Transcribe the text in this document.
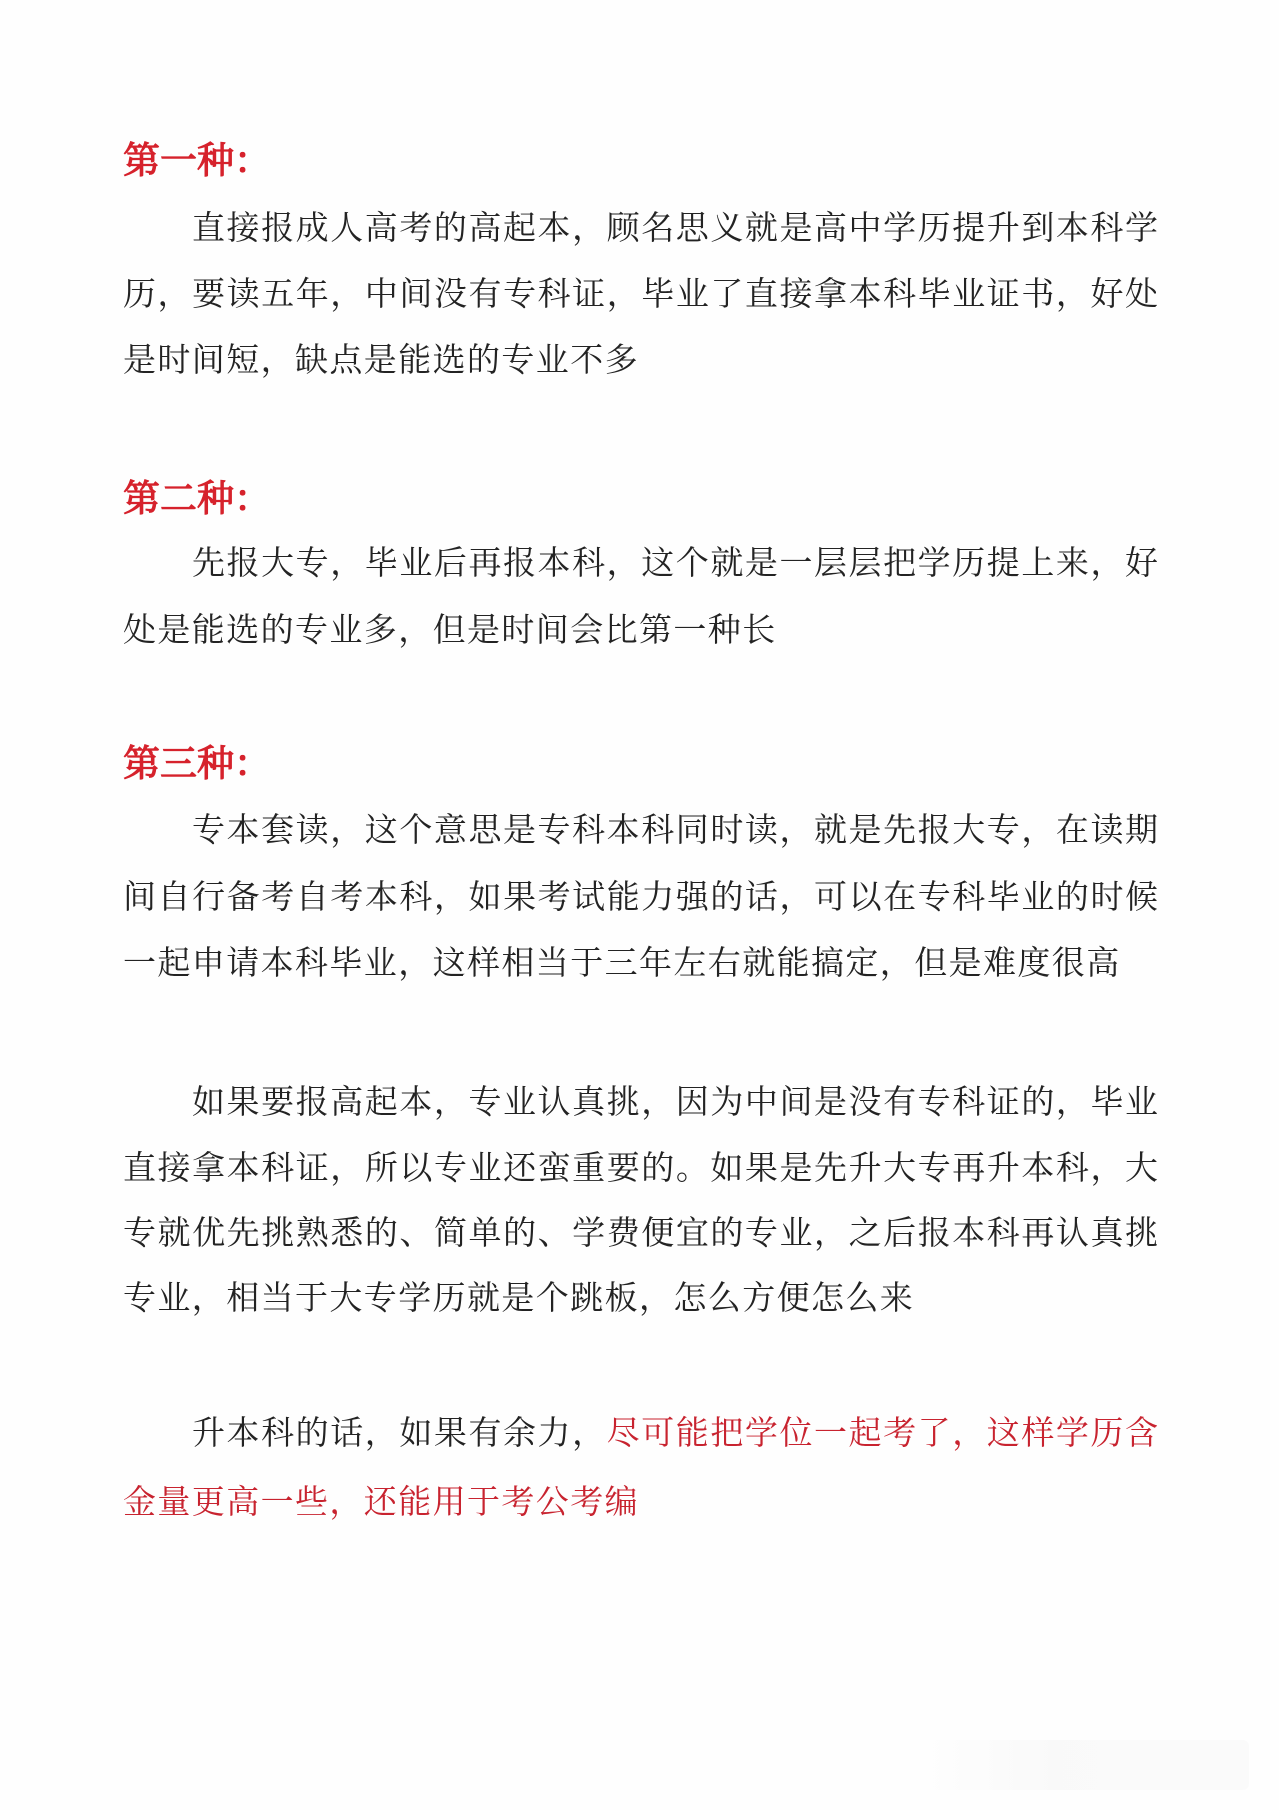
第一种：
直接报成人高考的高起本，顾名思义就是高中学历提升到本科学
历，要读五年，中间没有专科证，毕业了直接拿本科毕业证书，好处
是时间短，缺点是能选的专业不多
第二种：
先报大专，毕业后再报本科，这个就是一层层把学历提上来，好
处是能选的专业多，但是时间会比第一种长
第三种：
专本套读，这个意思是专科本科同时读，就是先报大专，在读期
间自行备考自考本科，如果考试能力强的话，可以在专科毕业的时候
一起申请本科毕业，这样相当于三年左右就能搞定，但是难度很高
如果要报高起本，专业认真挑，因为中间是没有专科证的，毕业
直接拿本科证，所以专业还蛮重要的。如果是先升大专再升本科，大
专就优先挑熟悉的、简单的、学费便宜的专业，之后报本科再认真挑
专业，相当于大专学历就是个跳板，怎么方便怎么来
升本科的话，如果有余力，尽可能把学位一起考了，这样学历含
金量更高一些，还能用于考公考编
